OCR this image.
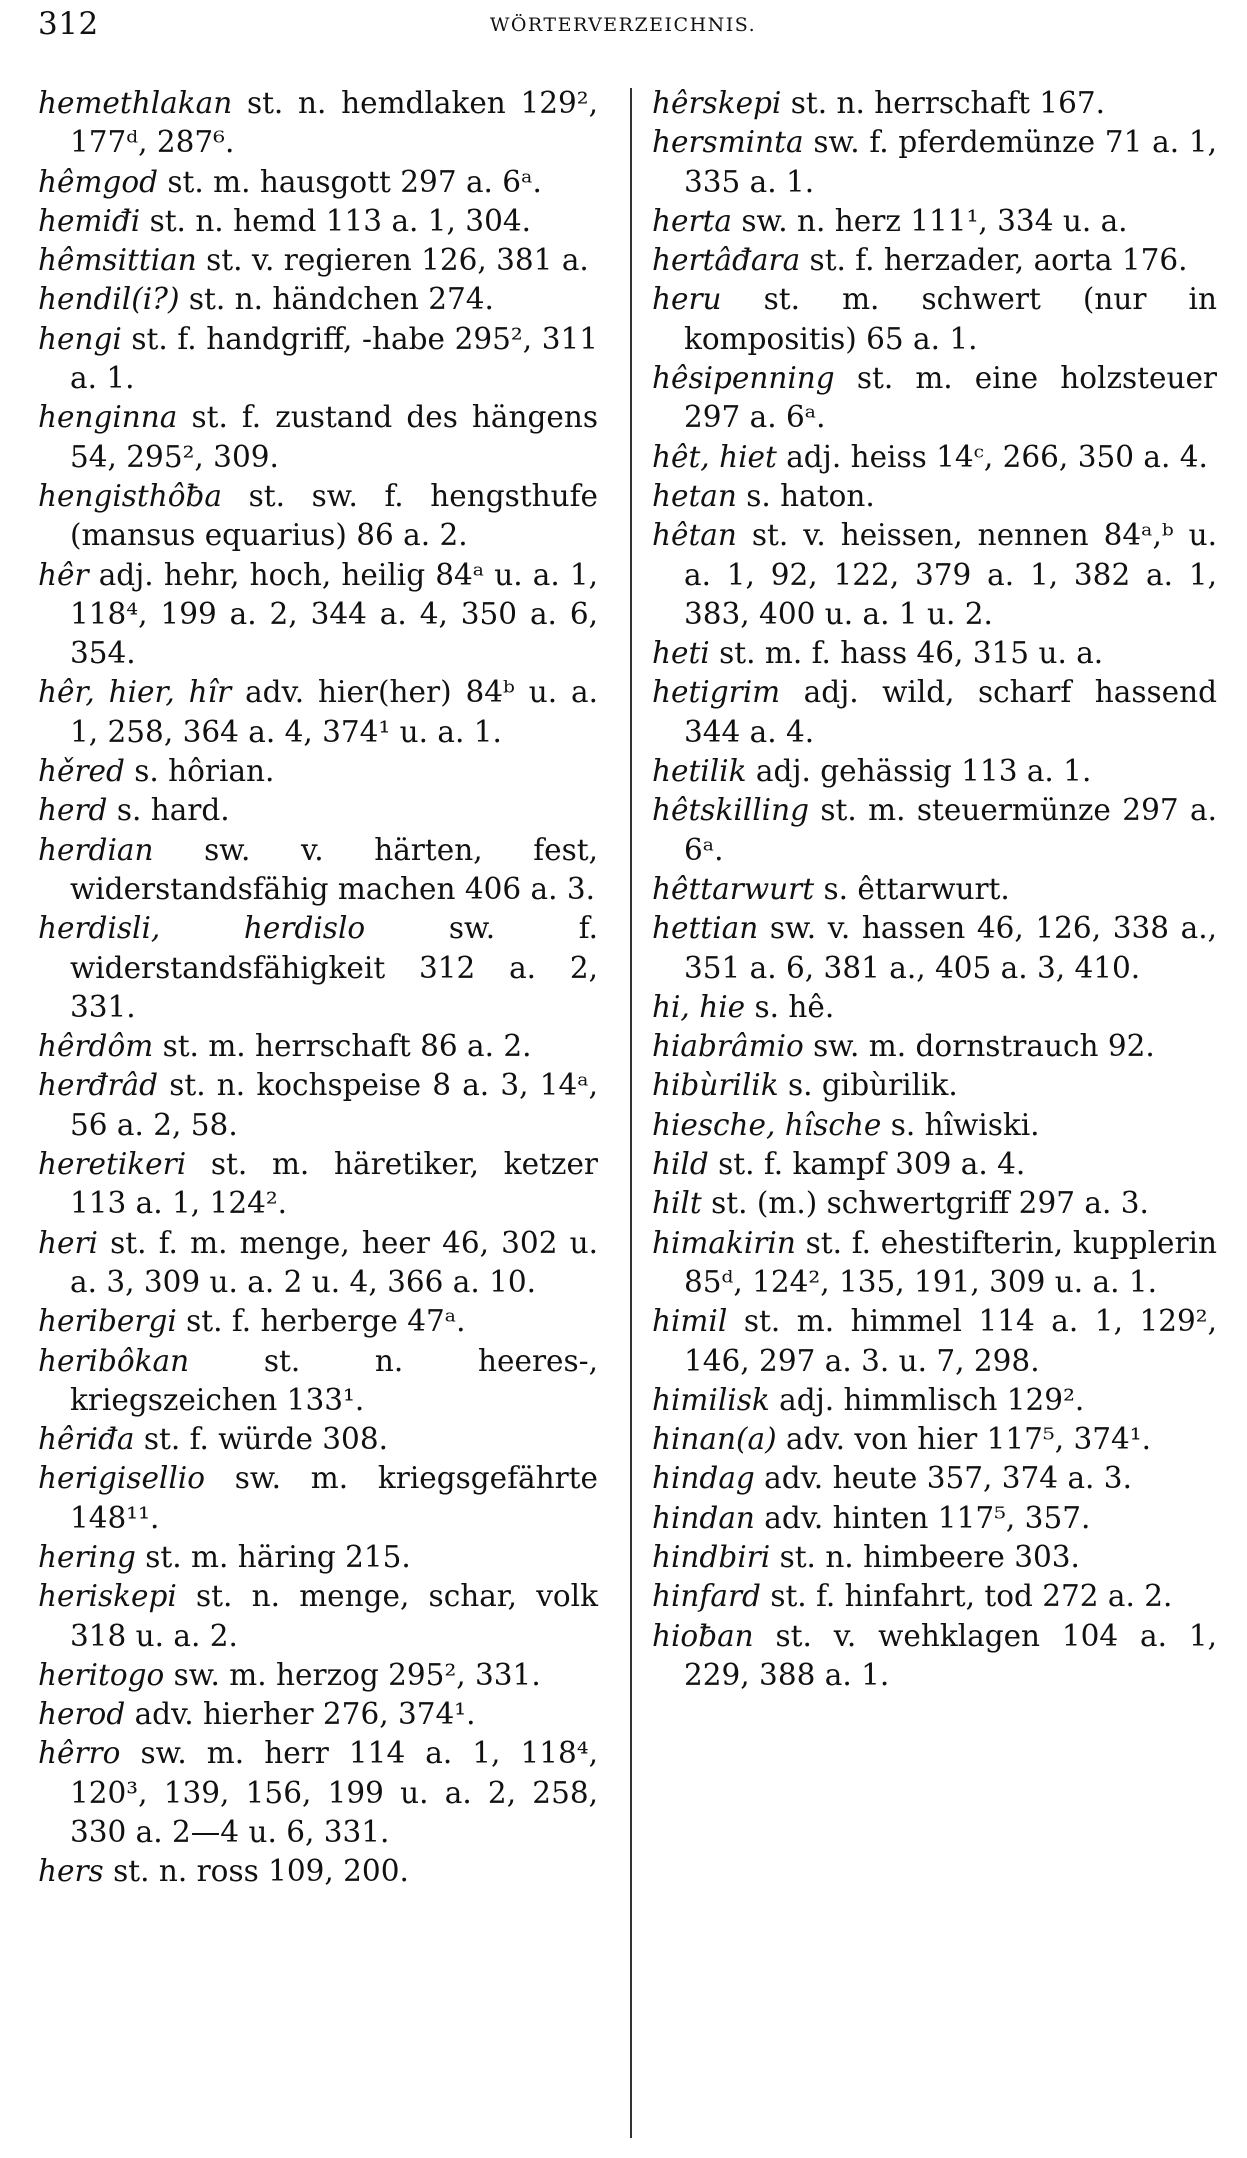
312	WÖRTERVERZEICHNIS.

hemethlakan st. n. hemdlaken 129², 177ᵈ, 287⁶.

hêmgod st. m. hausgott 297 a. 6ᵃ.

hemiđi st. n. hemd 113 a. 1, 304.

hêmsittian st. v. regieren 126, 381 a.

hendil(i?) st. n. händchen 274.

hengi st. f. handgriff, -habe 295², 311 a. 1.

henginna st. f. zustand des hängens 54, 295², 309.

hengisthôƀa st. sw. f. hengsthufe (mansus equarius) 86 a. 2.

hêr adj. hehr, hoch, heilig 84ᵃ u. a. 1, 118⁴, 199 a. 2, 344 a. 4, 350 a. 6, 354.

hêr, hier, hîr adv. hier(her) 84ᵇ u. a. 1, 258, 364 a. 4, 374¹ u. a. 1.

hěred s. hôrian.

herd s. hard.

herdian sw. v. härten, fest, widerstandsfähig machen 406 a. 3.

herdisli, herdislo sw. f. widerstandsfähigkeit 312 a. 2, 331.

hêrdôm st. m. herrschaft 86 a. 2.

herđrâd st. n. kochspeise 8 a. 3, 14ᵃ, 56 a. 2, 58.

heretikeri st. m. häretiker, ketzer 113 a. 1, 124².

heri st. f. m. menge, heer 46, 302 u. a. 3, 309 u. a. 2 u. 4, 366 a. 10.

heribergi st. f. herberge 47ᵃ.

heribôkan st. n. heeres-, kriegszeichen 133¹.

hêriđa st. f. würde 308.

herigisellio sw. m. kriegsgefährte 148¹¹.

hering st. m. häring 215.

heriskepi st. n. menge, schar, volk 318 u. a. 2.

heritogo sw. m. herzog 295², 331.

herod adv. hierher 276, 374¹.

hêrro sw. m. herr 114 a. 1, 118⁴, 120³, 139, 156, 199 u. a. 2, 258, 330 a. 2—4 u. 6, 331.

hers st. n. ross 109, 200.

hêrskepi st. n. herrschaft 167.

hersminta sw. f. pferdemünze 71 a. 1, 335 a. 1.

herta sw. n. herz 111¹, 334 u. a.

hertâđara st. f. herzader, aorta 176.

heru st. m. schwert (nur in kompositis) 65 a. 1.

hêsipenning st. m. eine holzsteuer 297 a. 6ᵃ.

hêt, hiet adj. heiss 14ᶜ, 266, 350 a. 4.

hetan s. haton.

hêtan st. v. heissen, nennen 84ᵃ,ᵇ u. a. 1, 92, 122, 379 a. 1, 382 a. 1, 383, 400 u. a. 1 u. 2.

heti st. m. f. hass 46, 315 u. a.

hetigrim adj. wild, scharf hassend 344 a. 4.

hetilik adj. gehässig 113 a. 1.

hêtskilling st. m. steuermünze 297 a. 6ᵃ.

hêttarwurt s. êttarwurt.

hettian sw. v. hassen 46, 126, 338 a., 351 a. 6, 381 a., 405 a. 3, 410.

hi, hie s. hê.

hiabrâmio sw. m. dornstrauch 92.

hibùrilik s. gibùrilik.

hiesche, hîsche s. hîwiski.

hild st. f. kampf 309 a. 4.

hilt st. (m.) schwertgriff 297 a. 3.

himakirin st. f. ehestifterin, kupplerin 85ᵈ, 124², 135, 191, 309 u. a. 1.

himil st. m. himmel 114 a. 1, 129², 146, 297 a. 3. u. 7, 298.

himilisk adj. himmlisch 129².

hinan(a) adv. von hier 117⁵, 374¹.

hindag adv. heute 357, 374 a. 3.

hindan adv. hinten 117⁵, 357.

hindbiri st. n. himbeere 303.

hinfard st. f. hinfahrt, tod 272 a. 2.

hioƀan st. v. wehklagen 104 a. 1, 229, 388 a. 1.
